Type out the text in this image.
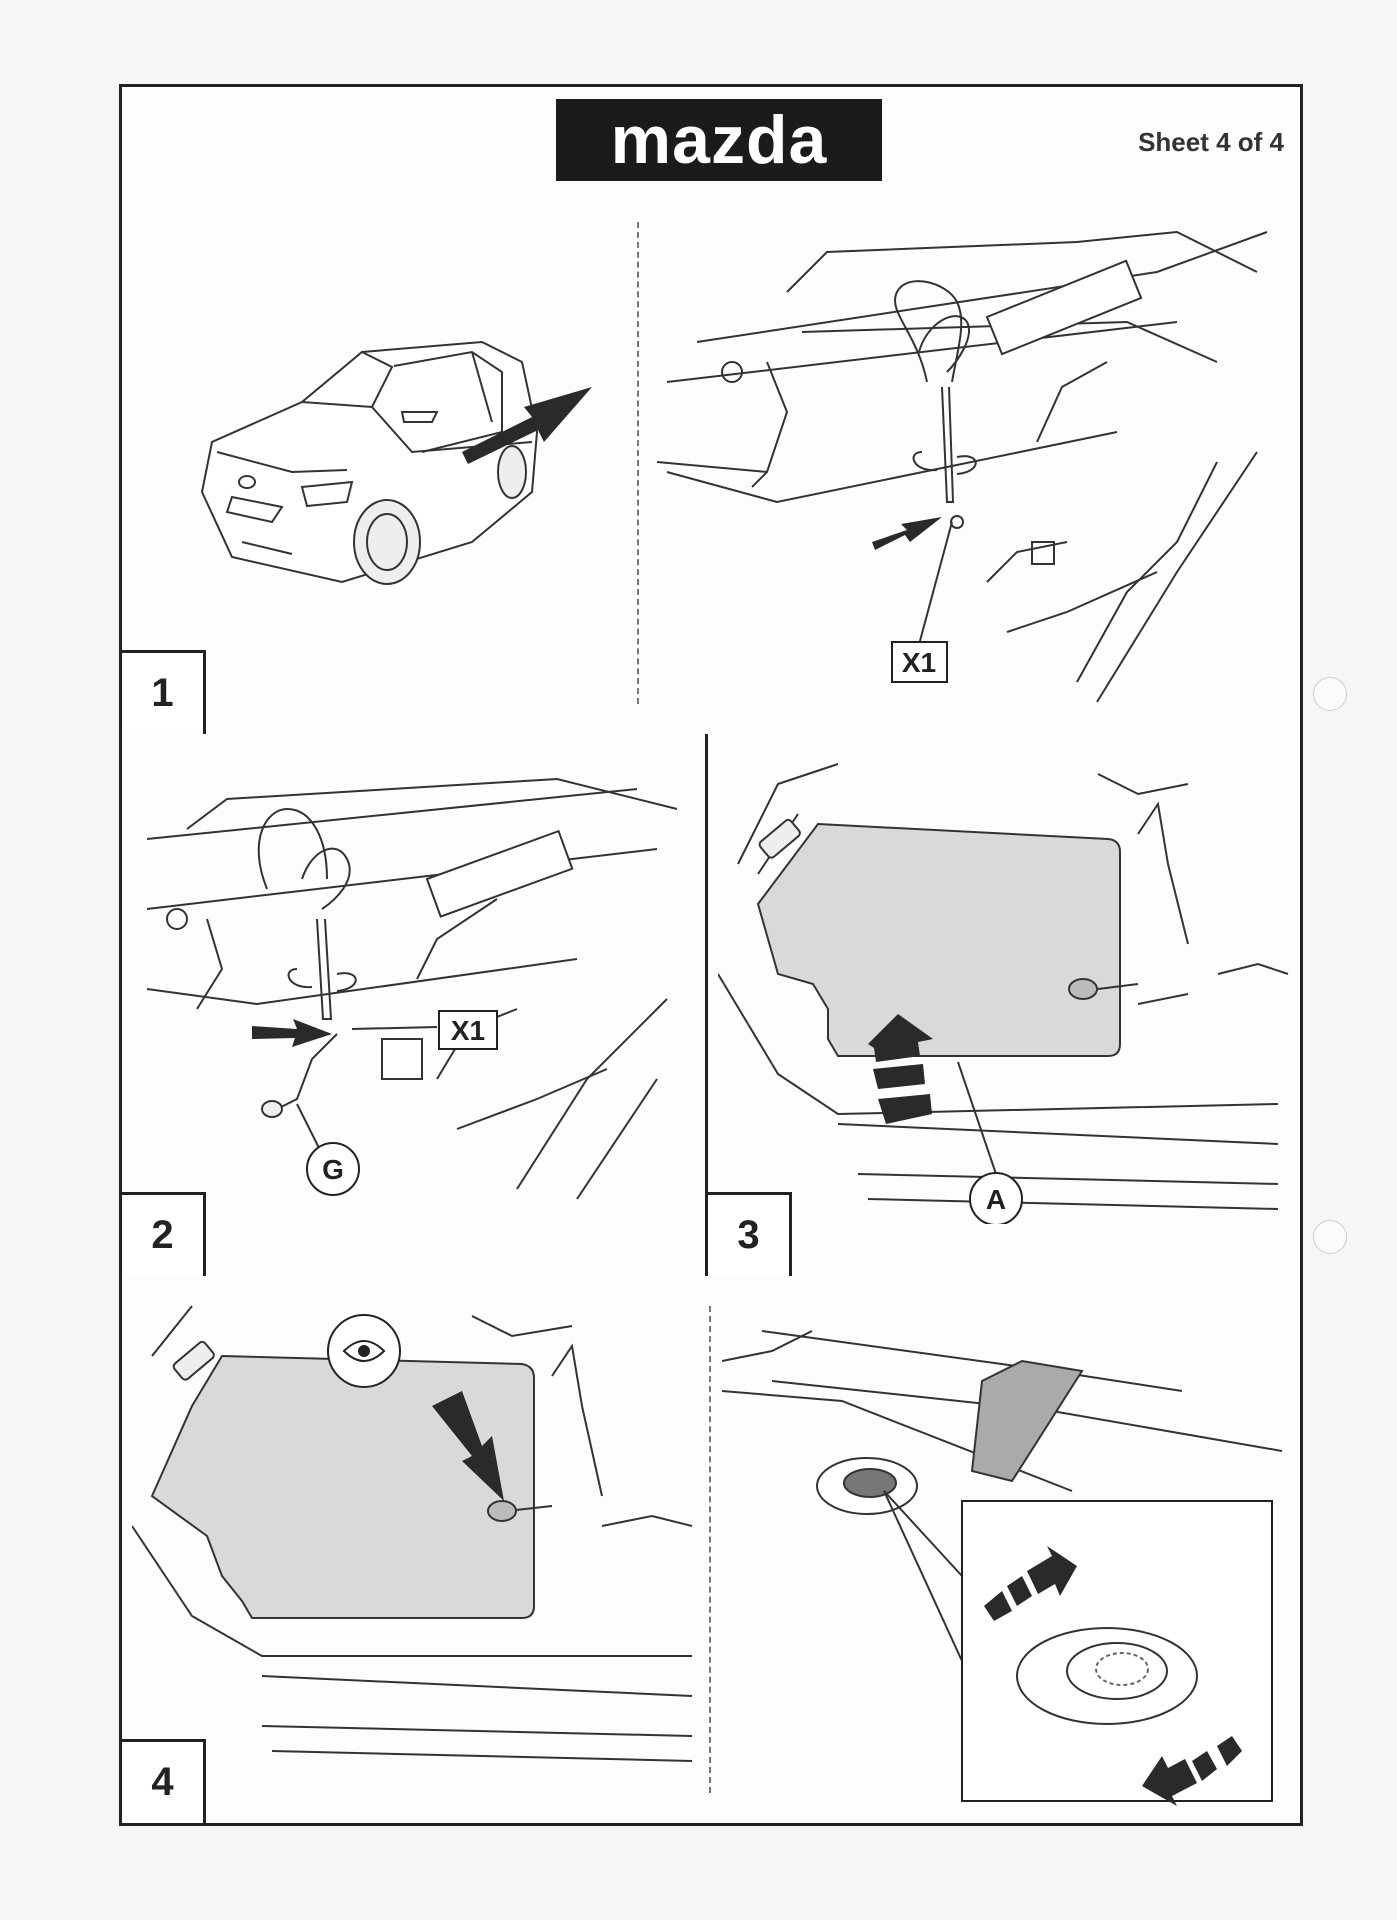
mazda	Sheet 4 of 4
X1
1
X1
G
2
A
3
4
